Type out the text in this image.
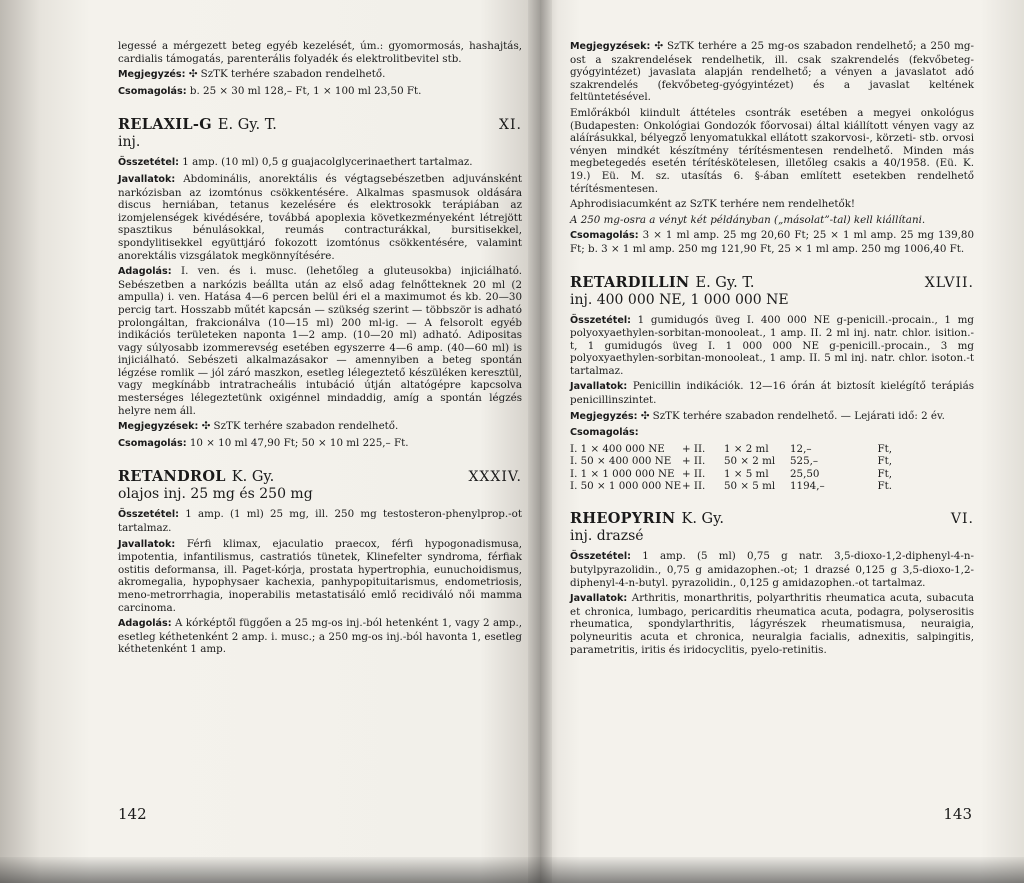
legessé a mérgezett beteg egyéb kezelését, úm.: gyomormosás, hashajtás, cardialis támogatás, parenterális folyadék és elektrolitbevitel stb.

Megjegyzés: ✣ SzTK terhére szabadon rendelhető.

Csomagolás: b. 25 × 30 ml 128,– Ft, 1 × 100 ml 23,50 Ft.

RELAXIL-G E. Gy. T.	XI.
inj.

Összetétel: 1 amp. (10 ml) 0,5 g guajacolglycerinaethert tartalmaz.

Javallatok: Abdominális, anorektális és végtagsebészetben adjuvánsként narkózisban az izomtónus csökkentésére. Alkalmas spasmusok oldására discus herniában, tetanus kezelésére és elektrosokk terápiában az izomjelenségek kivédésére, továbbá apoplexia következményeként létrejött spasztikus bénulásokkal, reumás contracturákkal, bursitisekkel, spondylitisekkel együttjáró fokozott izomtónus csökkentésére, valamint anorektális vizsgálatok megkönnyítésére.

Adagolás: I. ven. és i. musc. (lehetőleg a gluteusokba) injiciálható. Sebészetben a narkózis beállta után az első adag felnőtteknek 20 ml (2 ampulla) i. ven. Hatása 4—6 percen belül éri el a maximumot és kb. 20—30 percig tart. Hosszabb műtét kapcsán — szükség szerint — többször is adható prolongáltan, frakcionálva (10—15 ml) 200 ml-ig. — A felsorolt egyéb indikációs területeken naponta 1—2 amp. (10—20 ml) adható. Adipositas vagy súlyosabb izommerevség esetében egyszerre 4—6 amp. (40—60 ml) is injiciálható. Sebészeti alkalmazásakor — amennyiben a beteg spontán légzése romlik — jól záró maszkon, esetleg lélegeztető készüléken keresztül, vagy megkínább intratracheális intubáció útján altatógépre kapcsolva mesterséges lélegeztetünk oxigénnel mindaddig, amíg a spontán légzés helyre nem áll.

Megjegyzések: ✣ SzTK terhére szabadon rendelhető.

Csomagolás: 10 × 10 ml 47,90 Ft; 50 × 10 ml 225,– Ft.

RETANDROL K. Gy.	XXXIV.
olajos inj. 25 mg és 250 mg

Összetétel: 1 amp. (1 ml) 25 mg, ill. 250 mg testosteron-phenylprop.-ot tartalmaz.

Javallatok: Férfi klimax, ejaculatio praecox, férfi hypogonadismusa, impotentia, infantilismus, castratiós tünetek, Klinefelter syndroma, férfiak ostitis deformansa, ill. Paget-kórja, prostata hypertrophia, eunuchoidismus, akromegalia, hypophysaer kachexia, panhypopituitarismus, endometriosis, meno-metrorrhagia, inoperabilis metastatisáló emlő recidiváló női mamma carcinoma.

Adagolás: A kórképtől függően a 25 mg-os inj.-ból hetenként 1, vagy 2 amp., esetleg kéthetenként 2 amp. i. musc.; a 250 mg-os inj.-ból havonta 1, esetleg kéthetenként 1 amp.

142

Megjegyzések: ✣ SzTK terhére a 25 mg-os szabadon rendelhető; a 250 mg-ost a szakrendelések rendelhetik, ill. csak szakrendelés (fekvőbeteg-gyógyintézet) javaslata alapján rendelhető; a vényen a javaslatot adó szakrendelés (fekvőbeteg-gyógyintézet) és a javaslat keltének feltüntetésével.

Emlőrákból kiindult áttételes csontrák esetében a megyei onkológus (Budapesten: Onkológiai Gondozók főorvosai) által kiállított vényen vagy az aláírásukkal, bélyegző lenyomatukkal ellátott szakorvosi-, körzeti- stb. orvosi vényen mindkét készítmény térítésmentesen rendelhető. Minden más megbetegedés esetén térítéskötelesen, illetőleg csakis a 40/1958. (Eü. K. 19.) Eü. M. sz. utasítás 6. §-ában említett esetekben rendelhető térítésmentesen.

Aphrodisiacumként az SzTK terhére nem rendelhetők!

A 250 mg-osra a vényt két példányban („másolat”-tal) kell kiállítani.

Csomagolás: 3 × 1 ml amp. 25 mg 20,60 Ft; 25 × 1 ml amp. 25 mg 139,80 Ft; b. 3 × 1 ml amp. 250 mg 121,90 Ft, 25 × 1 ml amp. 250 mg 1006,40 Ft.

RETARDILLIN E. Gy. T.	XLVII.
inj. 400 000 NE, 1 000 000 NE

Összetétel: 1 gumidugós üveg I. 400 000 NE g-penicill.-procain., 1 mg polyoxyaethylen-sorbitan-monooleat., 1 amp. II. 2 ml inj. natr. chlor. isition.-t, 1 gumidugós üveg I. 1 000 000 NE g-penicill.-procain., 3 mg polyoxyaethylen-sorbitan-monooleat., 1 amp. II. 5 ml inj. natr. chlor. isoton.-t tartalmaz.

Javallatok: Penicillin indikációk. 12—16 órán át biztosít kielégítő terápiás penicillinszintet.

Megjegyzés: ✣ SzTK terhére szabadon rendelhető. — Lejárati idő: 2 év.

Csomagolás:

I. 1 × 400 000 NE	+ II.	1 × 2 ml	12,–	Ft,
I. 50 × 400 000 NE	+ II.	50 × 2 ml	525,–	Ft,
I. 1 × 1 000 000 NE + II.	1 × 5 ml	25,50	Ft,
I. 50 × 1 000 000 NE + II.	50 × 5 ml	1194,–	Ft.
RHEOPYRIN K. Gy.	VI.
inj. drazsé

Összetétel: 1 amp. (5 ml) 0,75 g natr. 3,5-dioxo-1,2-diphenyl-4-n-butylpyrazolidin., 0,75 g amidazophen.-ot; 1 drazsé 0,125 g 3,5-dioxo-1,2-diphenyl-4-n-butyl. pyrazolidin., 0,125 g amidazophen.-ot tartalmaz.

Javallatok: Arthritis, monarthritis, polyarthritis rheumatica acuta, subacuta et chronica, lumbago, pericarditis rheumatica acuta, podagra, polyserositis rheumatica, spondylarthritis, lágyrészek rheumatismusa, neuraigia, polyneuritis acuta et chronica, neuralgia facialis, adnexitis, salpingitis, parametritis, iritis és iridocyclitis, pyelo-retinitis.

143
